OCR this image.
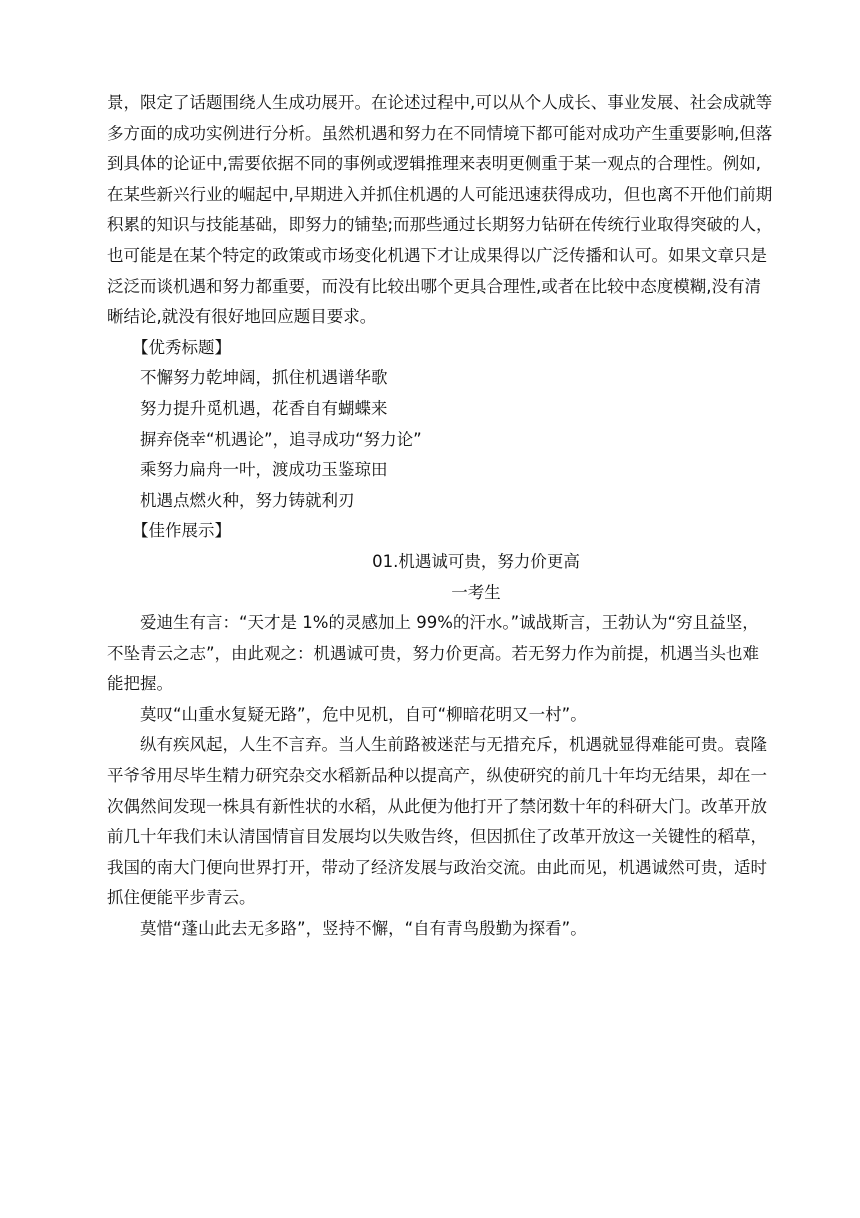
景，限定了话题围绕人生成功展开。在论述过程中,可以从个人成长、事业发展、社会成就等多方面的成功实例进行分析。虽然机遇和努力在不同情境下都可能对成功产生重要影响,但落到具体的论证中,需要依据不同的事例或逻辑推理来表明更侧重于某一观点的合理性。例如,在某些新兴行业的崛起中,早期进入并抓住机遇的人可能迅速获得成功，但也离不开他们前期积累的知识与技能基础，即努力的铺垫;而那些通过长期努力钻研在传统行业取得突破的人，也可能是在某个特定的政策或市场变化机遇下才让成果得以广泛传播和认可。如果文章只是泛泛而谈机遇和努力都重要，而没有比较出哪个更具合理性,或者在比较中态度模糊,没有清晰结论,就没有很好地回应题目要求。

【优秀标题】

不懈努力乾坤阔，抓住机遇谱华歌

努力提升觅机遇，花香自有蝴蝶来

摒弃侥幸“机遇论”，追寻成功“努力论”

乘努力扁舟一叶，渡成功玉鉴琼田

机遇点燃火种，努力铸就利刃

【佳作展示】

01.机遇诚可贵，努力价更高

一考生

爱迪生有言：“天才是 1%的灵感加上 99%的汗水。”诚战斯言，王勃认为“穷且益坚，不坠青云之志”，由此观之：机遇诚可贵，努力价更高。若无努力作为前提，机遇当头也难能把握。

莫叹“山重水复疑无路”，危中见机，自可“柳暗花明又一村”。

纵有疾风起，人生不言弃。当人生前路被迷茫与无措充斥，机遇就显得难能可贵。袁隆平爷爷用尽毕生精力研究杂交水稻新品种以提高产，纵使研究的前几十年均无结果，却在一次偶然间发现一株具有新性状的水稻，从此便为他打开了禁闭数十年的科研大门。改革开放前几十年我们未认清国情盲目发展均以失败告终，但因抓住了改革开放这一关键性的稻草，我国的南大门便向世界打开，带动了经济发展与政治交流。由此而见，机遇诚然可贵，适时抓住便能平步青云。

莫惜“蓬山此去无多路”，竖持不懈，“自有青鸟殷勤为探看”。
